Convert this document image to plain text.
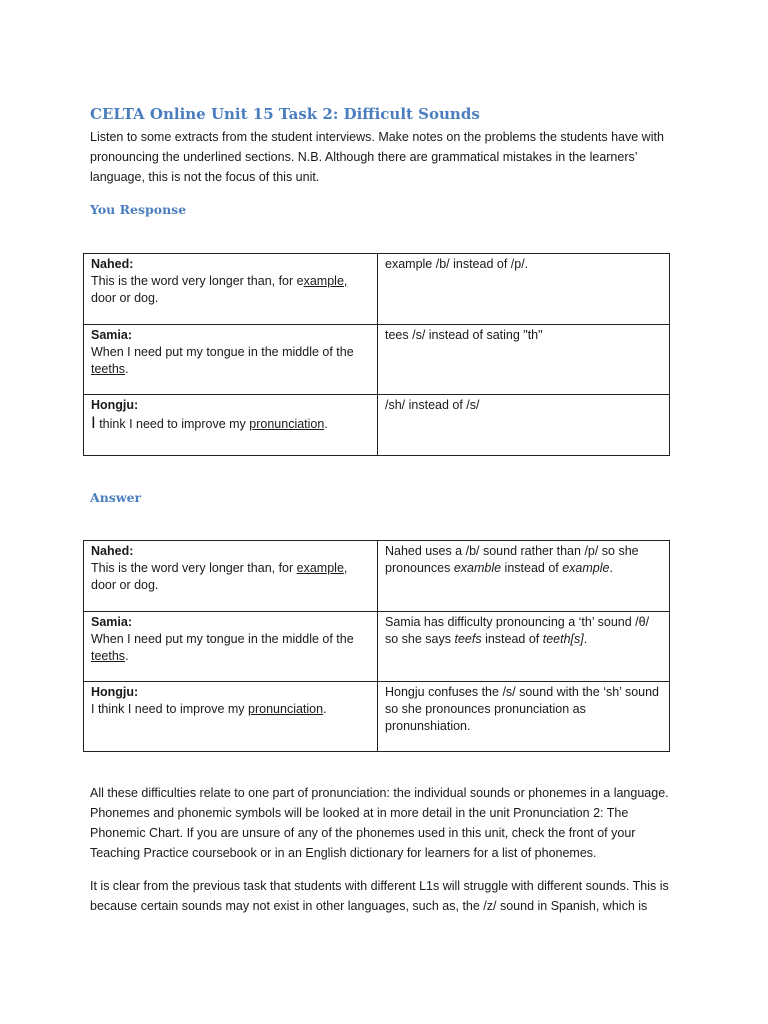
CELTA Online Unit 15 Task 2: Difficult Sounds

Listen to some extracts from the student interviews. Make notes on the problems the students have with pronouncing the underlined sections. N.B. Although there are grammatical mistakes in the learners’ language, this is not the focus of this unit.

You Response
Nahed:
This is the word very longer than, for example, door or dog.	example /b/ instead of /p/.

Samia:
When I need put my tongue in the middle of the teeths.	tees /s/ instead of sating "th"

Hongju:
I think I need to improve my pronunciation.	/sh/ instead of /s/
Answer
Nahed:
This is the word very longer than, for example, door or dog.	Nahed uses a /b/ sound rather than /p/ so she pronounces examble instead of example.

Samia:
When I need put my tongue in the middle of the teeths.	Samia has difficulty pronouncing a ‘th’ sound /θ/ so she says teefs instead of teeth[s].

Hongju:
I think I need to improve my pronunciation.	Hongju confuses the /s/ sound with the ‘sh’ sound so she pronounces pronunciation as pronunshiation.

All these difficulties relate to one part of pronunciation: the individual sounds or phonemes in a language. Phonemes and phonemic symbols will be looked at in more detail in the unit Pronunciation 2: The Phonemic Chart. If you are unsure of any of the phonemes used in this unit, check the front of your Teaching Practice coursebook or in an English dictionary for learners for a list of phonemes.

It is clear from the previous task that students with different L1s will struggle with different sounds. This is because certain sounds may not exist in other languages, such as, the /z/ sound in Spanish, which is
